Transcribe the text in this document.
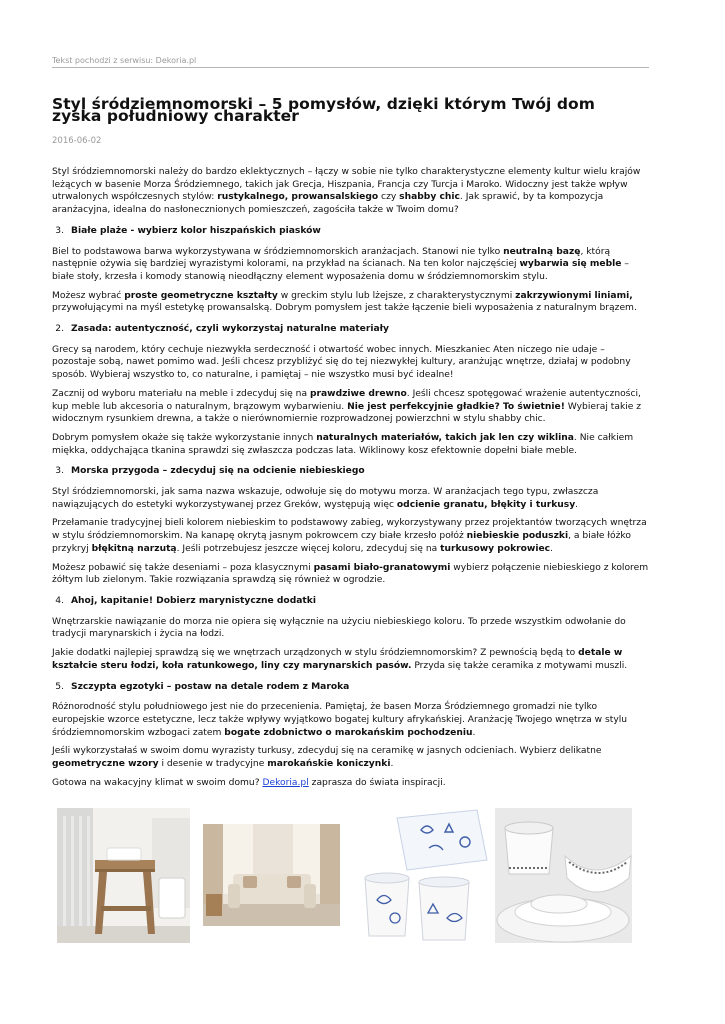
Tekst pochodzi z serwisu: Dekoria.pl
Styl śródziemnomorski – 5 pomysłów, dzięki którym Twój dom zyska południowy charakter
2016-06-02

Styl śródziemnomorski należy do bardzo eklektycznych – łączy w sobie nie tylko charakterystyczne elementy kultur wielu krajów leżących w basenie Morza Śródziemnego, takich jak Grecja, Hiszpania, Francja czy Turcja i Maroko. Widoczny jest także wpływ utrwalonych współczesnych stylów: rustykalnego, prowansalskiego czy shabby chic. Jak sprawić, by ta kompozycja aranżacyjna, idealna do nasłonecznionych pomieszczeń, zagościła także w Twoim domu?

3. Białe plaże - wybierz kolor hiszpańskich piasków

Biel to podstawowa barwa wykorzystywana w śródziemnomorskich aranżacjach. Stanowi nie tylko neutralną bazę, którą następnie ożywia się bardziej wyrazistymi kolorami, na przykład na ścianach. Na ten kolor najczęściej wybarwia się meble – białe stoły, krzesła i komody stanowią nieodłączny element wyposażenia domu w śródziemnomorskim stylu.

Możesz wybrać proste geometryczne kształty w greckim stylu lub lżejsze, z charakterystycznymi zakrzywionymi liniami, przywołującymi na myśl estetykę prowansalską. Dobrym pomysłem jest także łączenie bieli wyposażenia z naturalnym brązem.

2. Zasada: autentyczność, czyli wykorzystaj naturalne materiały

Grecy są narodem, który cechuje niezwykła serdeczność i otwartość wobec innych. Mieszkaniec Aten niczego nie udaje – pozostaje sobą, nawet pomimo wad. Jeśli chcesz przybliżyć się do tej niezwykłej kultury, aranżując wnętrze, działaj w podobny sposób. Wybieraj wszystko to, co naturalne, i pamiętaj – nie wszystko musi być idealne!

Zacznij od wyboru materiału na meble i zdecyduj się na prawdziwe drewno. Jeśli chcesz spotęgować wrażenie autentyczności, kup meble lub akcesoria o naturalnym, brązowym wybarwieniu. Nie jest perfekcyjnie gładkie? To świetnie! Wybieraj takie z widocznym rysunkiem drewna, a także o nierównomiernie rozprowadzonej powierzchni w stylu shabby chic.

Dobrym pomysłem okaże się także wykorzystanie innych naturalnych materiałów, takich jak len czy wiklina. Nie całkiem miękka, oddychająca tkanina sprawdzi się zwłaszcza podczas lata. Wiklinowy kosz efektownie dopełni białe meble.

3. Morska przygoda – zdecyduj się na odcienie niebieskiego

Styl śródziemnomorski, jak sama nazwa wskazuje, odwołuje się do motywu morza. W aranżacjach tego typu, zwłaszcza nawiązujących do estetyki wykorzystywanej przez Greków, występują więc odcienie granatu, błękity i turkusy.

Przełamanie tradycyjnej bieli kolorem niebieskim to podstawowy zabieg, wykorzystywany przez projektantów tworzących wnętrza w stylu śródziemnomorskim. Na kanapę okrytą jasnym pokrowcem czy białe krzesło połóż niebieskie poduszki, a białe łóżko przykryj błękitną narzutą. Jeśli potrzebujesz jeszcze więcej koloru, zdecyduj się na turkusowy pokrowiec.

Możesz pobawić się także deseniami – poza klasycznymi pasami biało-granatowymi wybierz połączenie niebieskiego z kolorem żółtym lub zielonym. Takie rozwiązania sprawdzą się również w ogrodzie.

4. Ahoj, kapitanie! Dobierz marynistyczne dodatki

Wnętrzarskie nawiązanie do morza nie opiera się wyłącznie na użyciu niebieskiego koloru. To przede wszystkim odwołanie do tradycji marynarskich i życia na łodzi.

Jakie dodatki najlepiej sprawdzą się we wnętrzach urządzonych w stylu śródziemnomorskim? Z pewnością będą to detale w kształcie steru łodzi, koła ratunkowego, liny czy marynarskich pasów. Przyda się także ceramika z motywami muszli.

5. Szczypta egzotyki – postaw na detale rodem z Maroka

Różnorodność stylu południowego jest nie do przecenienia. Pamiętaj, że basen Morza Śródziemnego gromadzi nie tylko europejskie wzorce estetyczne, lecz także wpływy wyjątkowo bogatej kultury afrykańskiej. Aranżację Twojego wnętrza w stylu śródziemnomorskim wzbogaci zatem bogate zdobnictwo o marokańskim pochodzeniu.

Jeśli wykorzystałaś w swoim domu wyrazisty turkusy, zdecyduj się na ceramikę w jasnych odcieniach. Wybierz delikatne geometryczne wzory i desenie w tradycyjne marokańskie koniczynki.

Gotowa na wakacyjny klimat w swoim domu? Dekoria.pl zaprasza do świata inspiracji.
